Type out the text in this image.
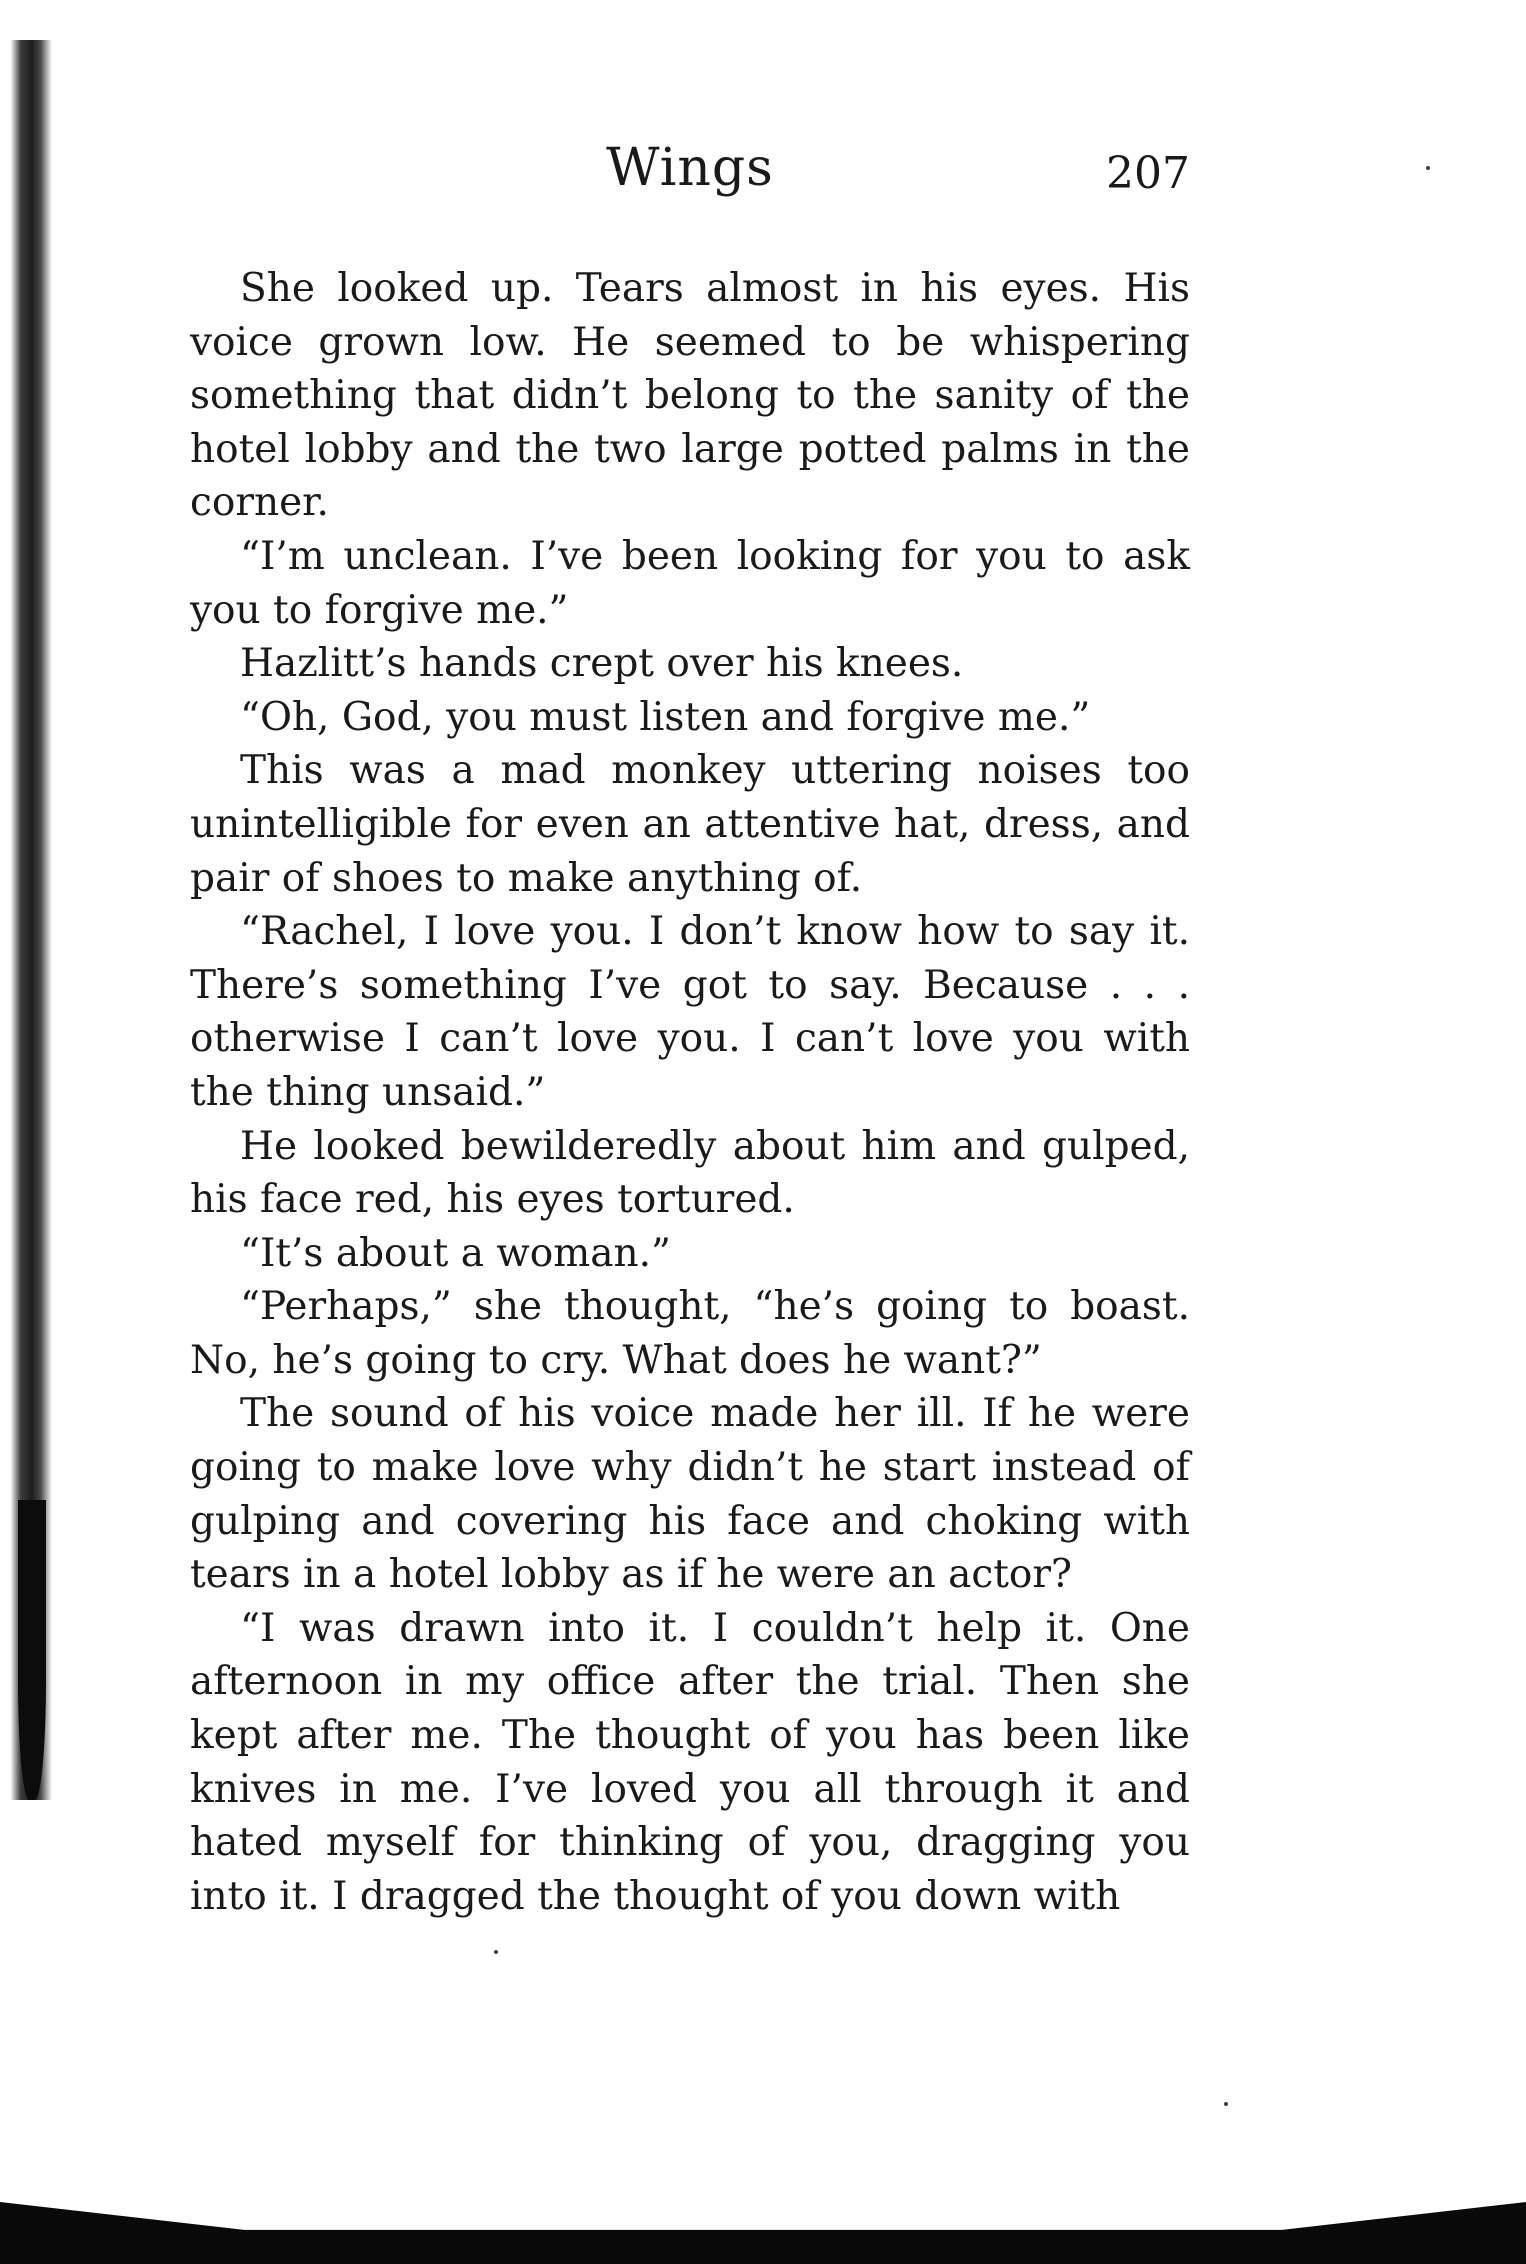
Wings	207

She looked up. Tears almost in his eyes. His voice grown low. He seemed to be whispering something that didn’t belong to the sanity of the hotel lobby and the two large potted palms in the corner.

“I’m unclean. I’ve been looking for you to ask you to forgive me.”

Hazlitt’s hands crept over his knees.

“Oh, God, you must listen and forgive me.”

This was a mad monkey uttering noises too unintelligible for even an attentive hat, dress, and pair of shoes to make anything of.

“Rachel, I love you. I don’t know how to say it. There’s something I’ve got to say. Because . . . otherwise I can’t love you. I can’t love you with the thing unsaid.”

He looked bewilderedly about him and gulped, his face red, his eyes tortured.

“It’s about a woman.”

“Perhaps,” she thought, “he’s going to boast. No, he’s going to cry. What does he want?”

The sound of his voice made her ill. If he were going to make love why didn’t he start instead of gulping and covering his face and choking with tears in a hotel lobby as if he were an actor?

“I was drawn into it. I couldn’t help it. One afternoon in my office after the trial. Then she kept after me. The thought of you has been like knives in me. I’ve loved you all through it and hated myself for thinking of you, dragging you into it. I dragged the thought of you down with
